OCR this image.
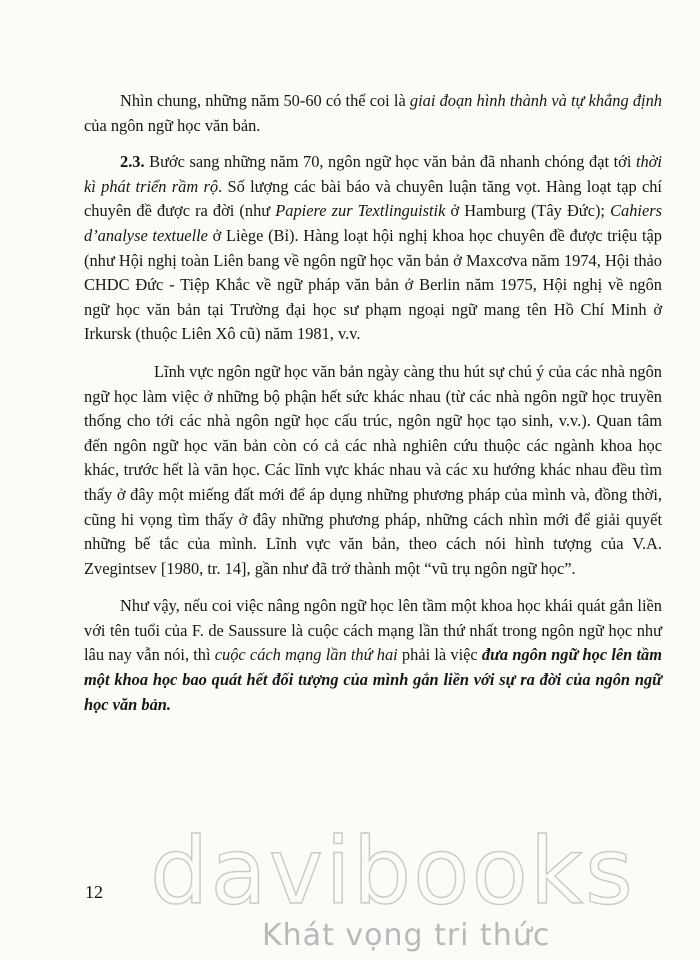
Nhìn chung, những năm 50-60 có thể coi là giai đoạn hình thành và tự khẳng định của ngôn ngữ học văn bản.

2.3. Bước sang những năm 70, ngôn ngữ học văn bản đã nhanh chóng đạt tới thời kì phát triển rầm rộ. Số lượng các bài báo và chuyên luận tăng vọt. Hàng loạt tạp chí chuyên đề được ra đời (như Papiere zur Textlinguistik ở Hamburg (Tây Đức); Cahiers d’analyse textuelle ở Liège (Bỉ). Hàng loạt hội nghị khoa học chuyên đề được triệu tập (như Hội nghị toàn Liên bang về ngôn ngữ học văn bản ở Maxcơva năm 1974, Hội thảo CHDC Đức - Tiệp Khắc về ngữ pháp văn bản ở Berlin năm 1975, Hội nghị về ngôn ngữ học văn bản tại Trường đại học sư phạm ngoại ngữ mang tên Hồ Chí Minh ở Irkursk (thuộc Liên Xô cũ) năm 1981, v.v.

Lĩnh vực ngôn ngữ học văn bản ngày càng thu hút sự chú ý của các nhà ngôn ngữ học làm việc ở những bộ phận hết sức khác nhau (từ các nhà ngôn ngữ học truyền thống cho tới các nhà ngôn ngữ học cấu trúc, ngôn ngữ học tạo sinh, v.v.). Quan tâm đến ngôn ngữ học văn bản còn có cả các nhà nghiên cứu thuộc các ngành khoa học khác, trước hết là văn học. Các lĩnh vực khác nhau và các xu hướng khác nhau đều tìm thấy ở đây một miếng đất mới để áp dụng những phương pháp của mình và, đồng thời, cũng hi vọng tìm thấy ở đây những phương pháp, những cách nhìn mới để giải quyết những bế tắc của mình. Lĩnh vực văn bản, theo cách nói hình tượng của V.A. Zvegintsev [1980, tr. 14], gần như đã trở thành một “vũ trụ ngôn ngữ học”.

Như vậy, nếu coi việc nâng ngôn ngữ học lên tầm một khoa học khái quát gắn liền với tên tuổi của F. de Saussure là cuộc cách mạng lần thứ nhất trong ngôn ngữ học như lâu nay vẫn nói, thì cuộc cách mạng lần thứ hai phải là việc đưa ngôn ngữ học lên tầm một khoa học bao quát hết đối tượng của mình gắn liền với sự ra đời của ngôn ngữ học văn bản.

12 davibooks
Khát vọng tri thức
